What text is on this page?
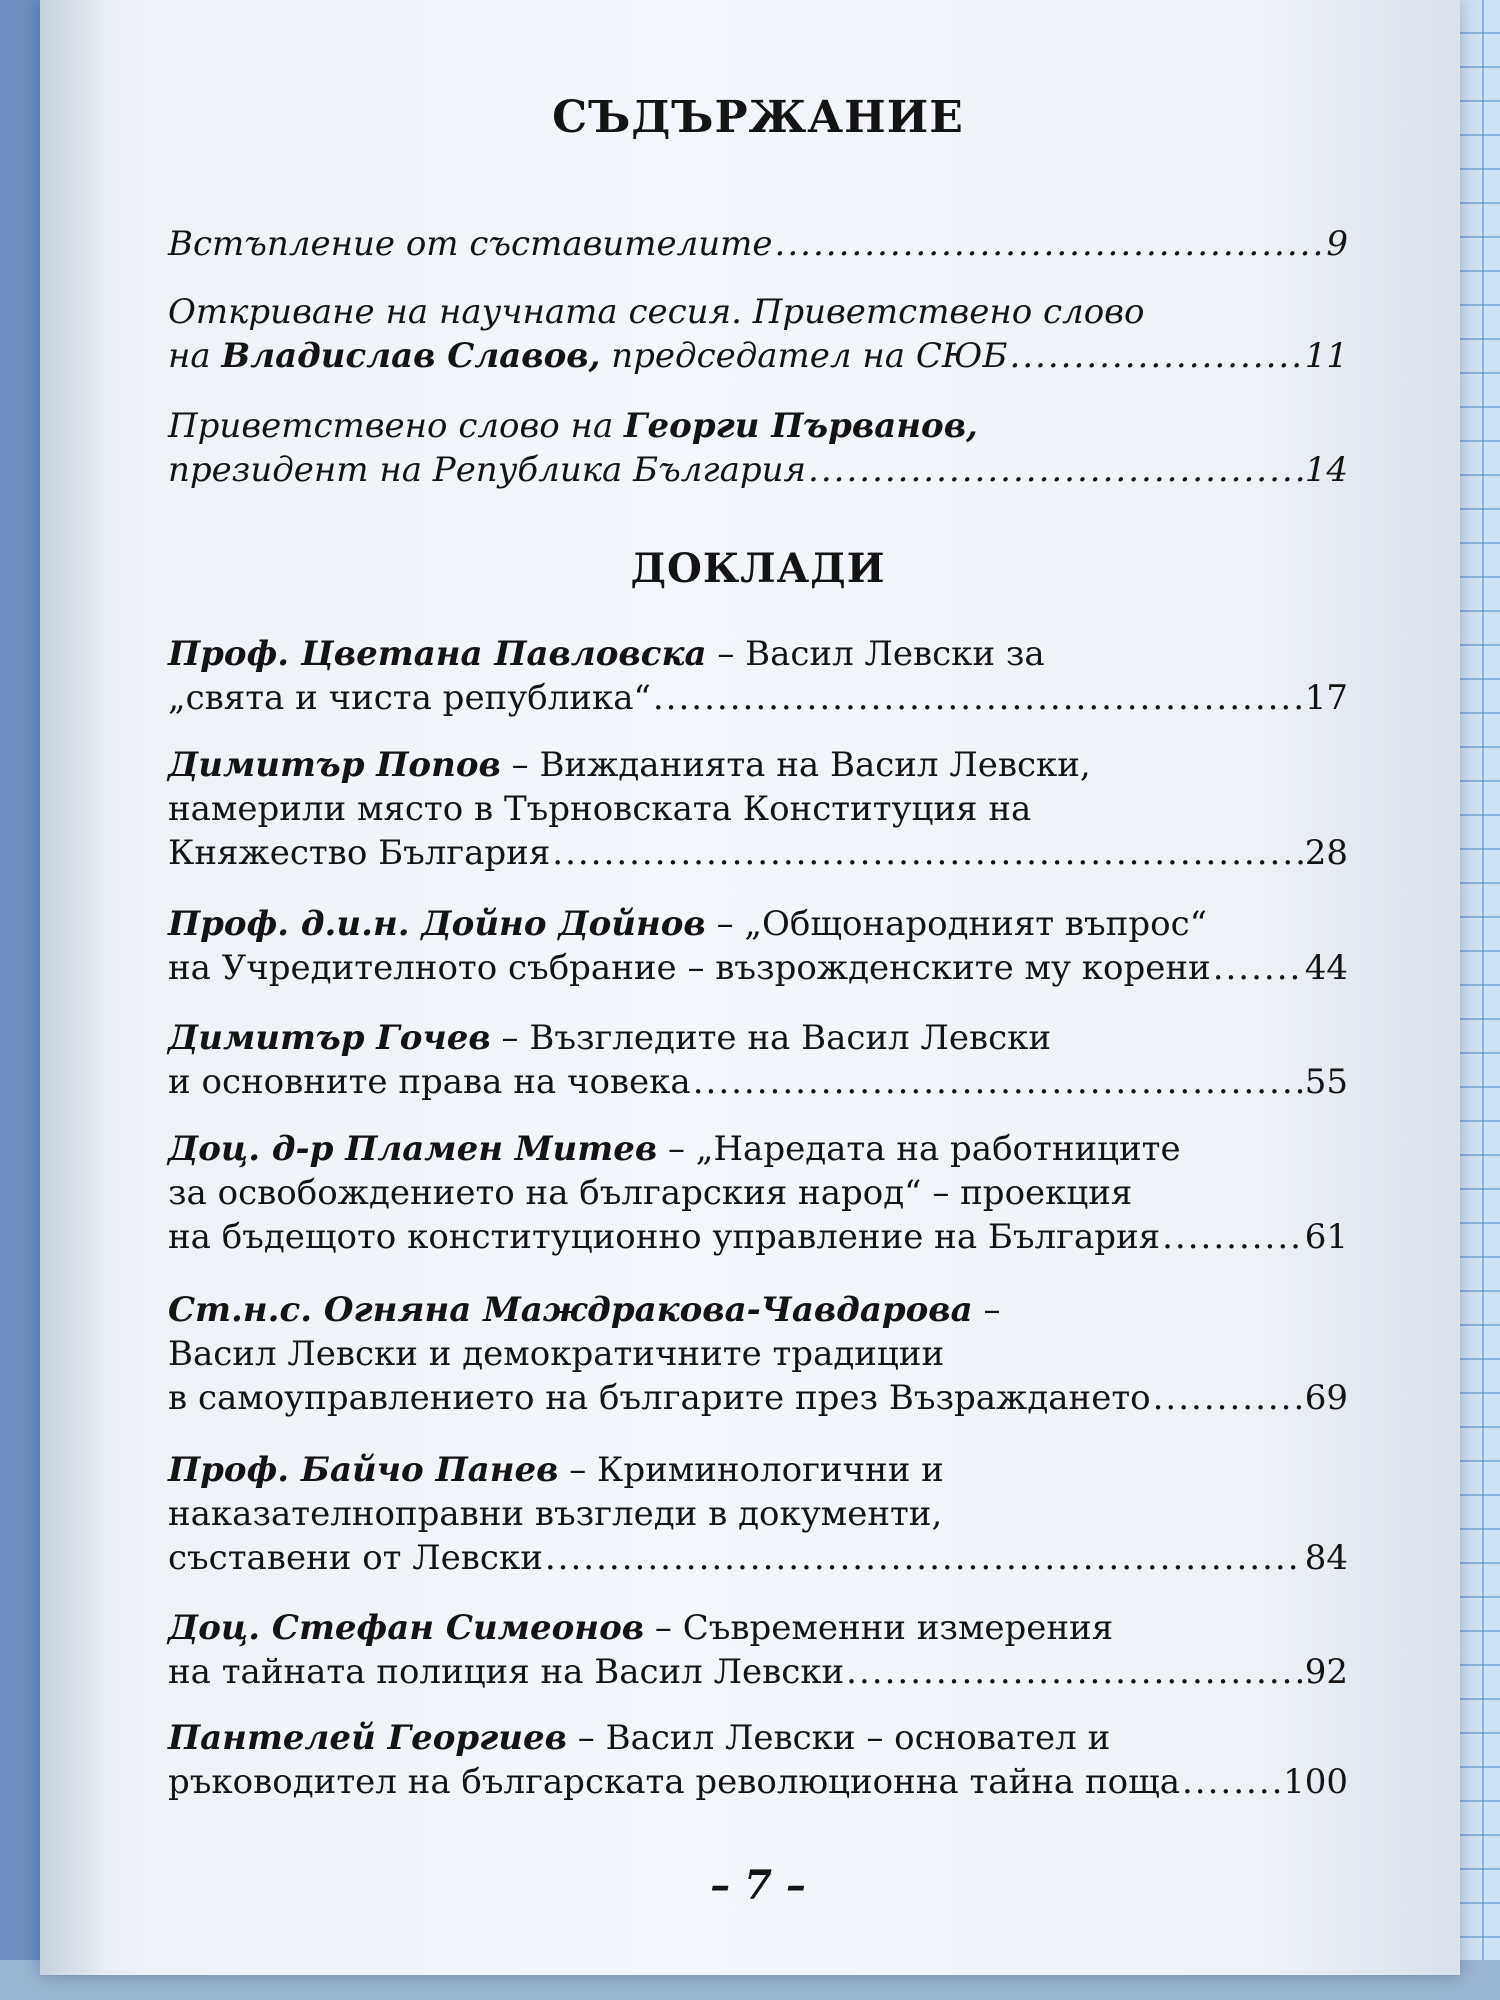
СЪДЪРЖАНИЕ
Встъпление от съставителите .....	9
Откриване на научната сесия. Приветствено слово
на Владислав Славов, председател на СЮБ .....	11
Приветствено слово на Георги Първанов,
президент на Република България .....	14
ДОКЛАДИ
Проф. Цветана Павловска – Васил Левски за
„свята и чиста република“ .....	17
Димитър Попов – Вижданията на Васил Левски,
намерили място в Търновската Конституция на
Княжество България .....	28
Проф. д.и.н. Дойно Дойнов – „Общонародният въпрос“
на Учредителното събрание – възрожденските му корени .....	44
Димитър Гочев – Възгледите на Васил Левски
и основните права на човека .....	55
Доц. д-р Пламен Митев – „Наредата на работниците
за освобождението на българския народ“ – проекция
на бъдещото конституционно управление на България .....	61
Ст.н.с. Огняна Маждракова-Чавдарова –
Васил Левски и демократичните традиции
в самоуправлението на българите през Възраждането .....	69
Проф. Байчо Панев – Криминологични и
наказателноправни възгледи в документи,
съставени от Левски .....	84
Доц. Стефан Симеонов – Съвременни измерения
на тайната полиция на Васил Левски .....	92
Пантелей Георгиев – Васил Левски – основател и
ръководител на българската революционна тайна поща .....	100
– 7 –
